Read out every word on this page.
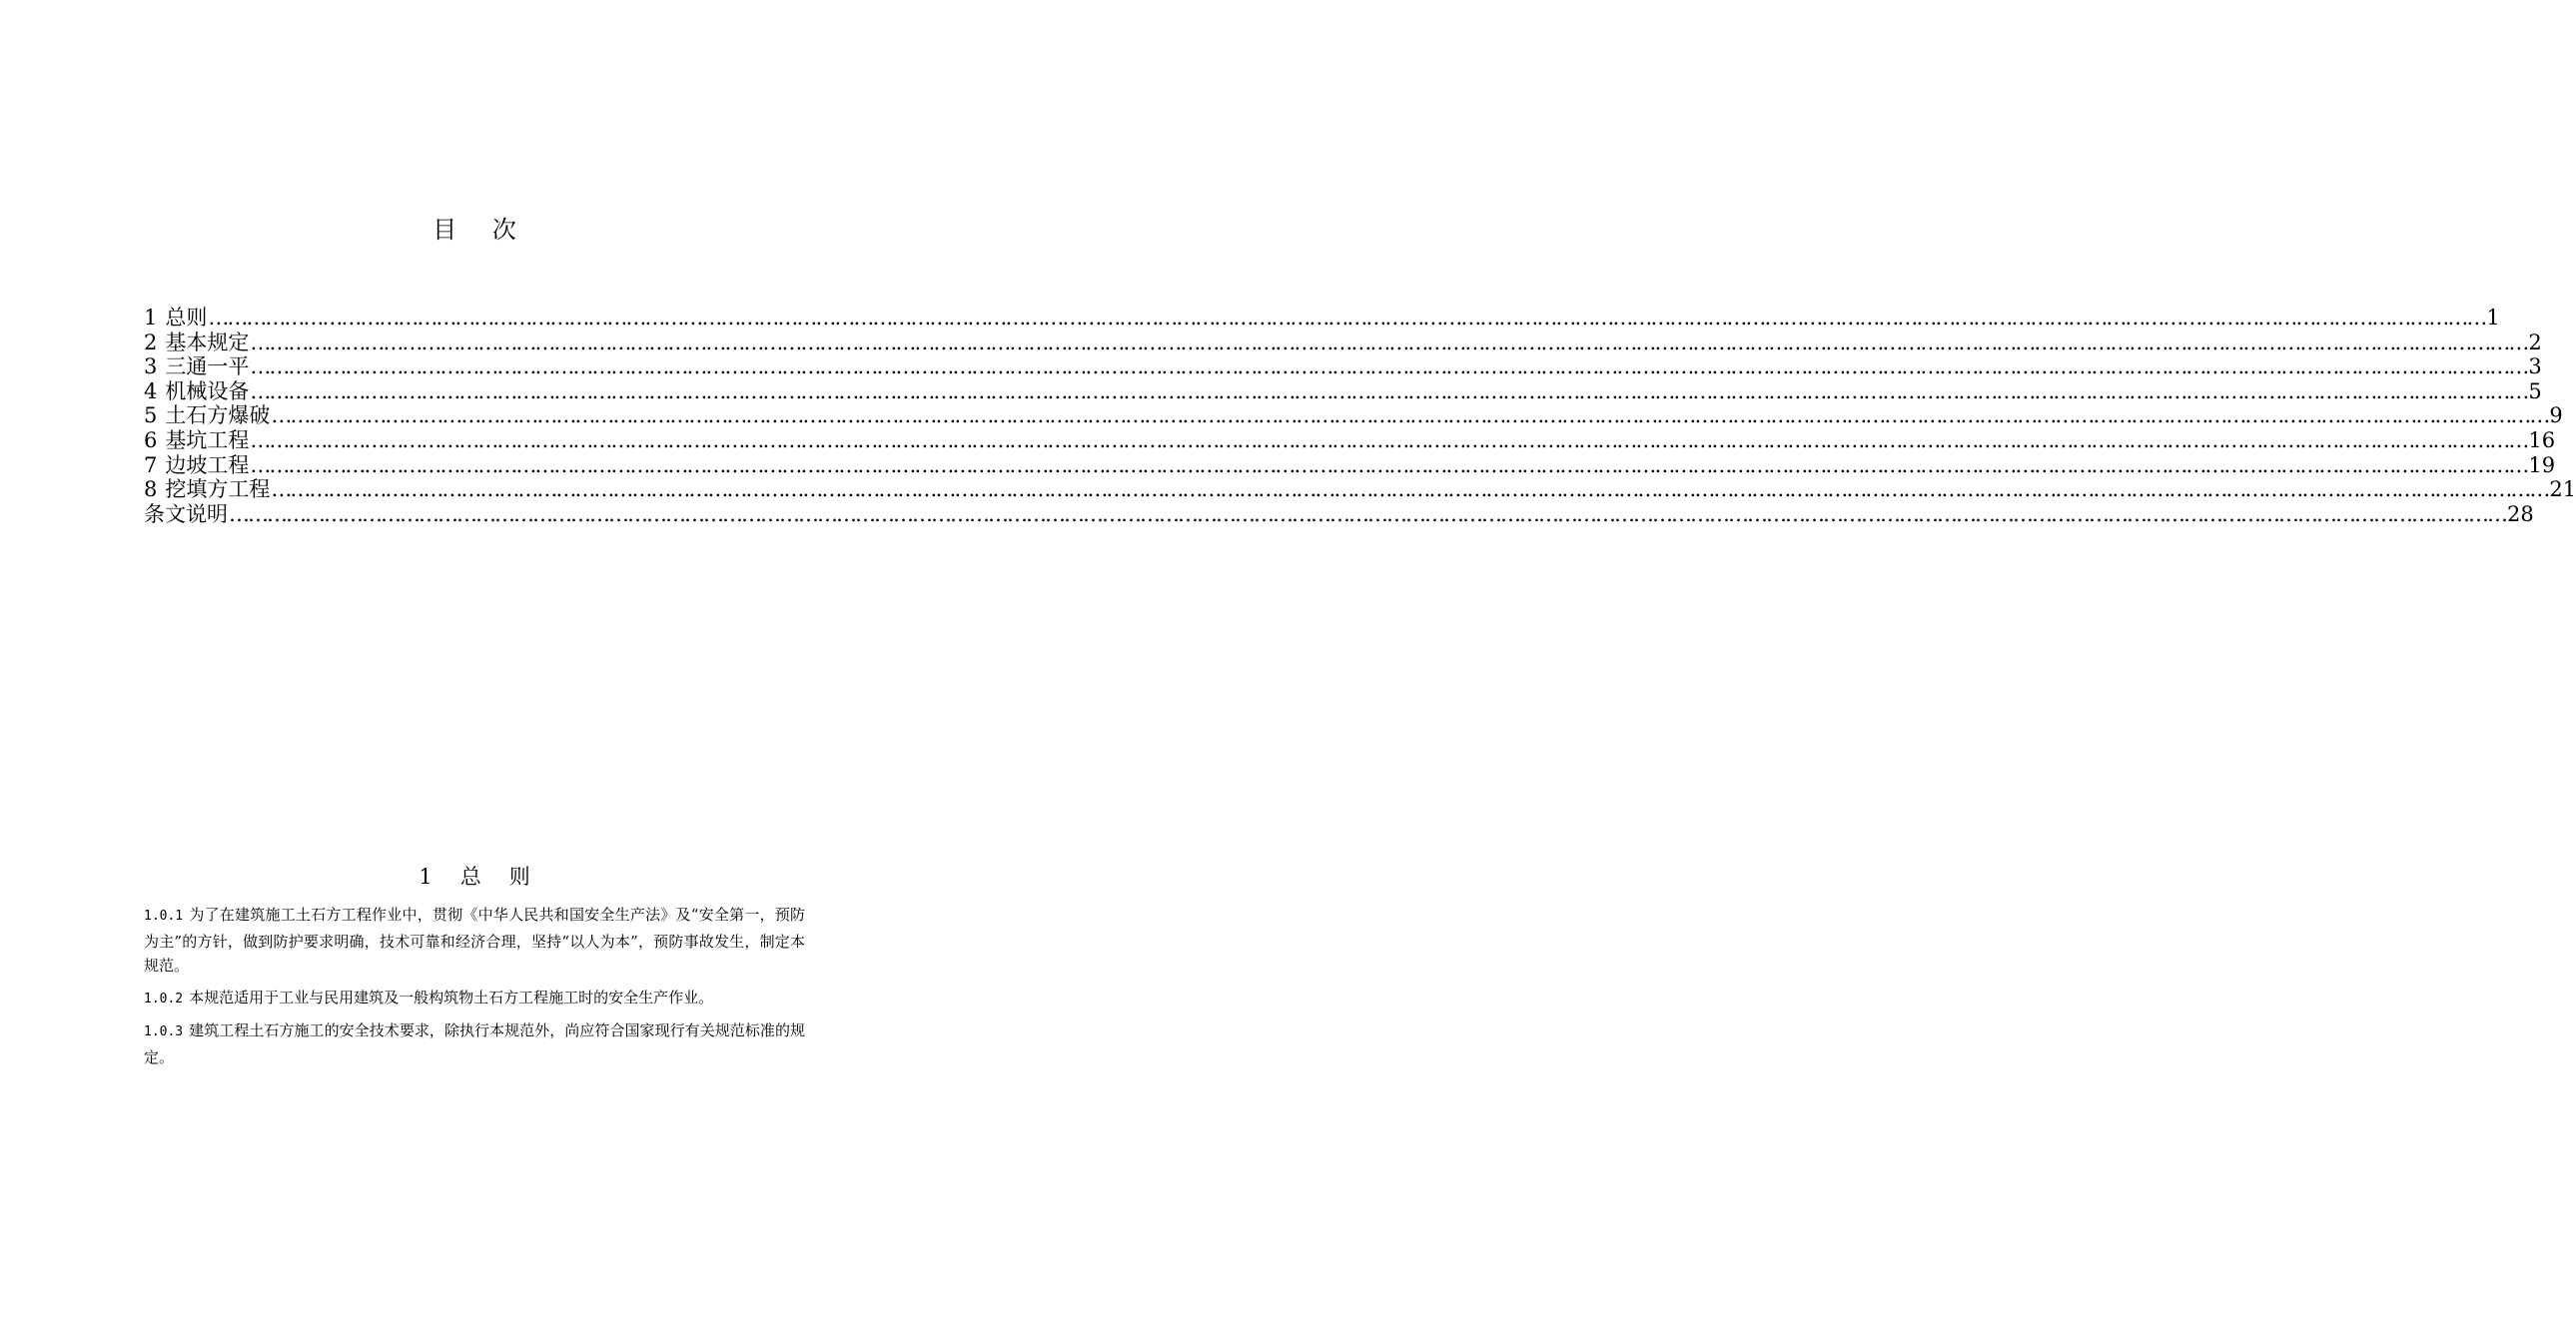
目 次
1 总则 ……………………………………………………………………………………………………………………………………………………………………………………………………………………………………………………………………………………………………………………………… 1
2 基本规定 ……………………………………………………………………………………………………………………………………………………………………………………………………………………………………………………………………………………………………………………………… 2
3 三通一平 ……………………………………………………………………………………………………………………………………………………………………………………………………………………………………………………………………………………………………………………………… 3
4 机械设备 ……………………………………………………………………………………………………………………………………………………………………………………………………………………………………………………………………………………………………………………………… 5
5 土石方爆破 ……………………………………………………………………………………………………………………………………………………………………………………………………………………………………………………………………………………………………………………………… 9
6 基坑工程 ……………………………………………………………………………………………………………………………………………………………………………………………………………………………………………………………………………………………………………………………… 16
7 边坡工程 ……………………………………………………………………………………………………………………………………………………………………………………………………………………………………………………………………………………………………………………………… 19
8 挖填方工程 ……………………………………………………………………………………………………………………………………………………………………………………………………………………………………………………………………………………………………………………………… 21
条文说明 ……………………………………………………………………………………………………………………………………………………………………………………………………………………………………………………………………………………………………………………………… 28
1 总 则

1.0.1 为了在建筑施工土石方工程作业中，贯彻《中华人民共和国安全生产法》及“安全第一，预防为主”的方针，做到防护要求明确，技术可靠和经济合理，坚持“以人为本”，预防事故发生，制定本规范。

1.0.2 本规范适用于工业与民用建筑及一般构筑物土石方工程施工时的安全生产作业。

1.0.3 建筑工程土石方施工的安全技术要求，除执行本规范外，尚应符合国家现行有关规范标准的规定。
